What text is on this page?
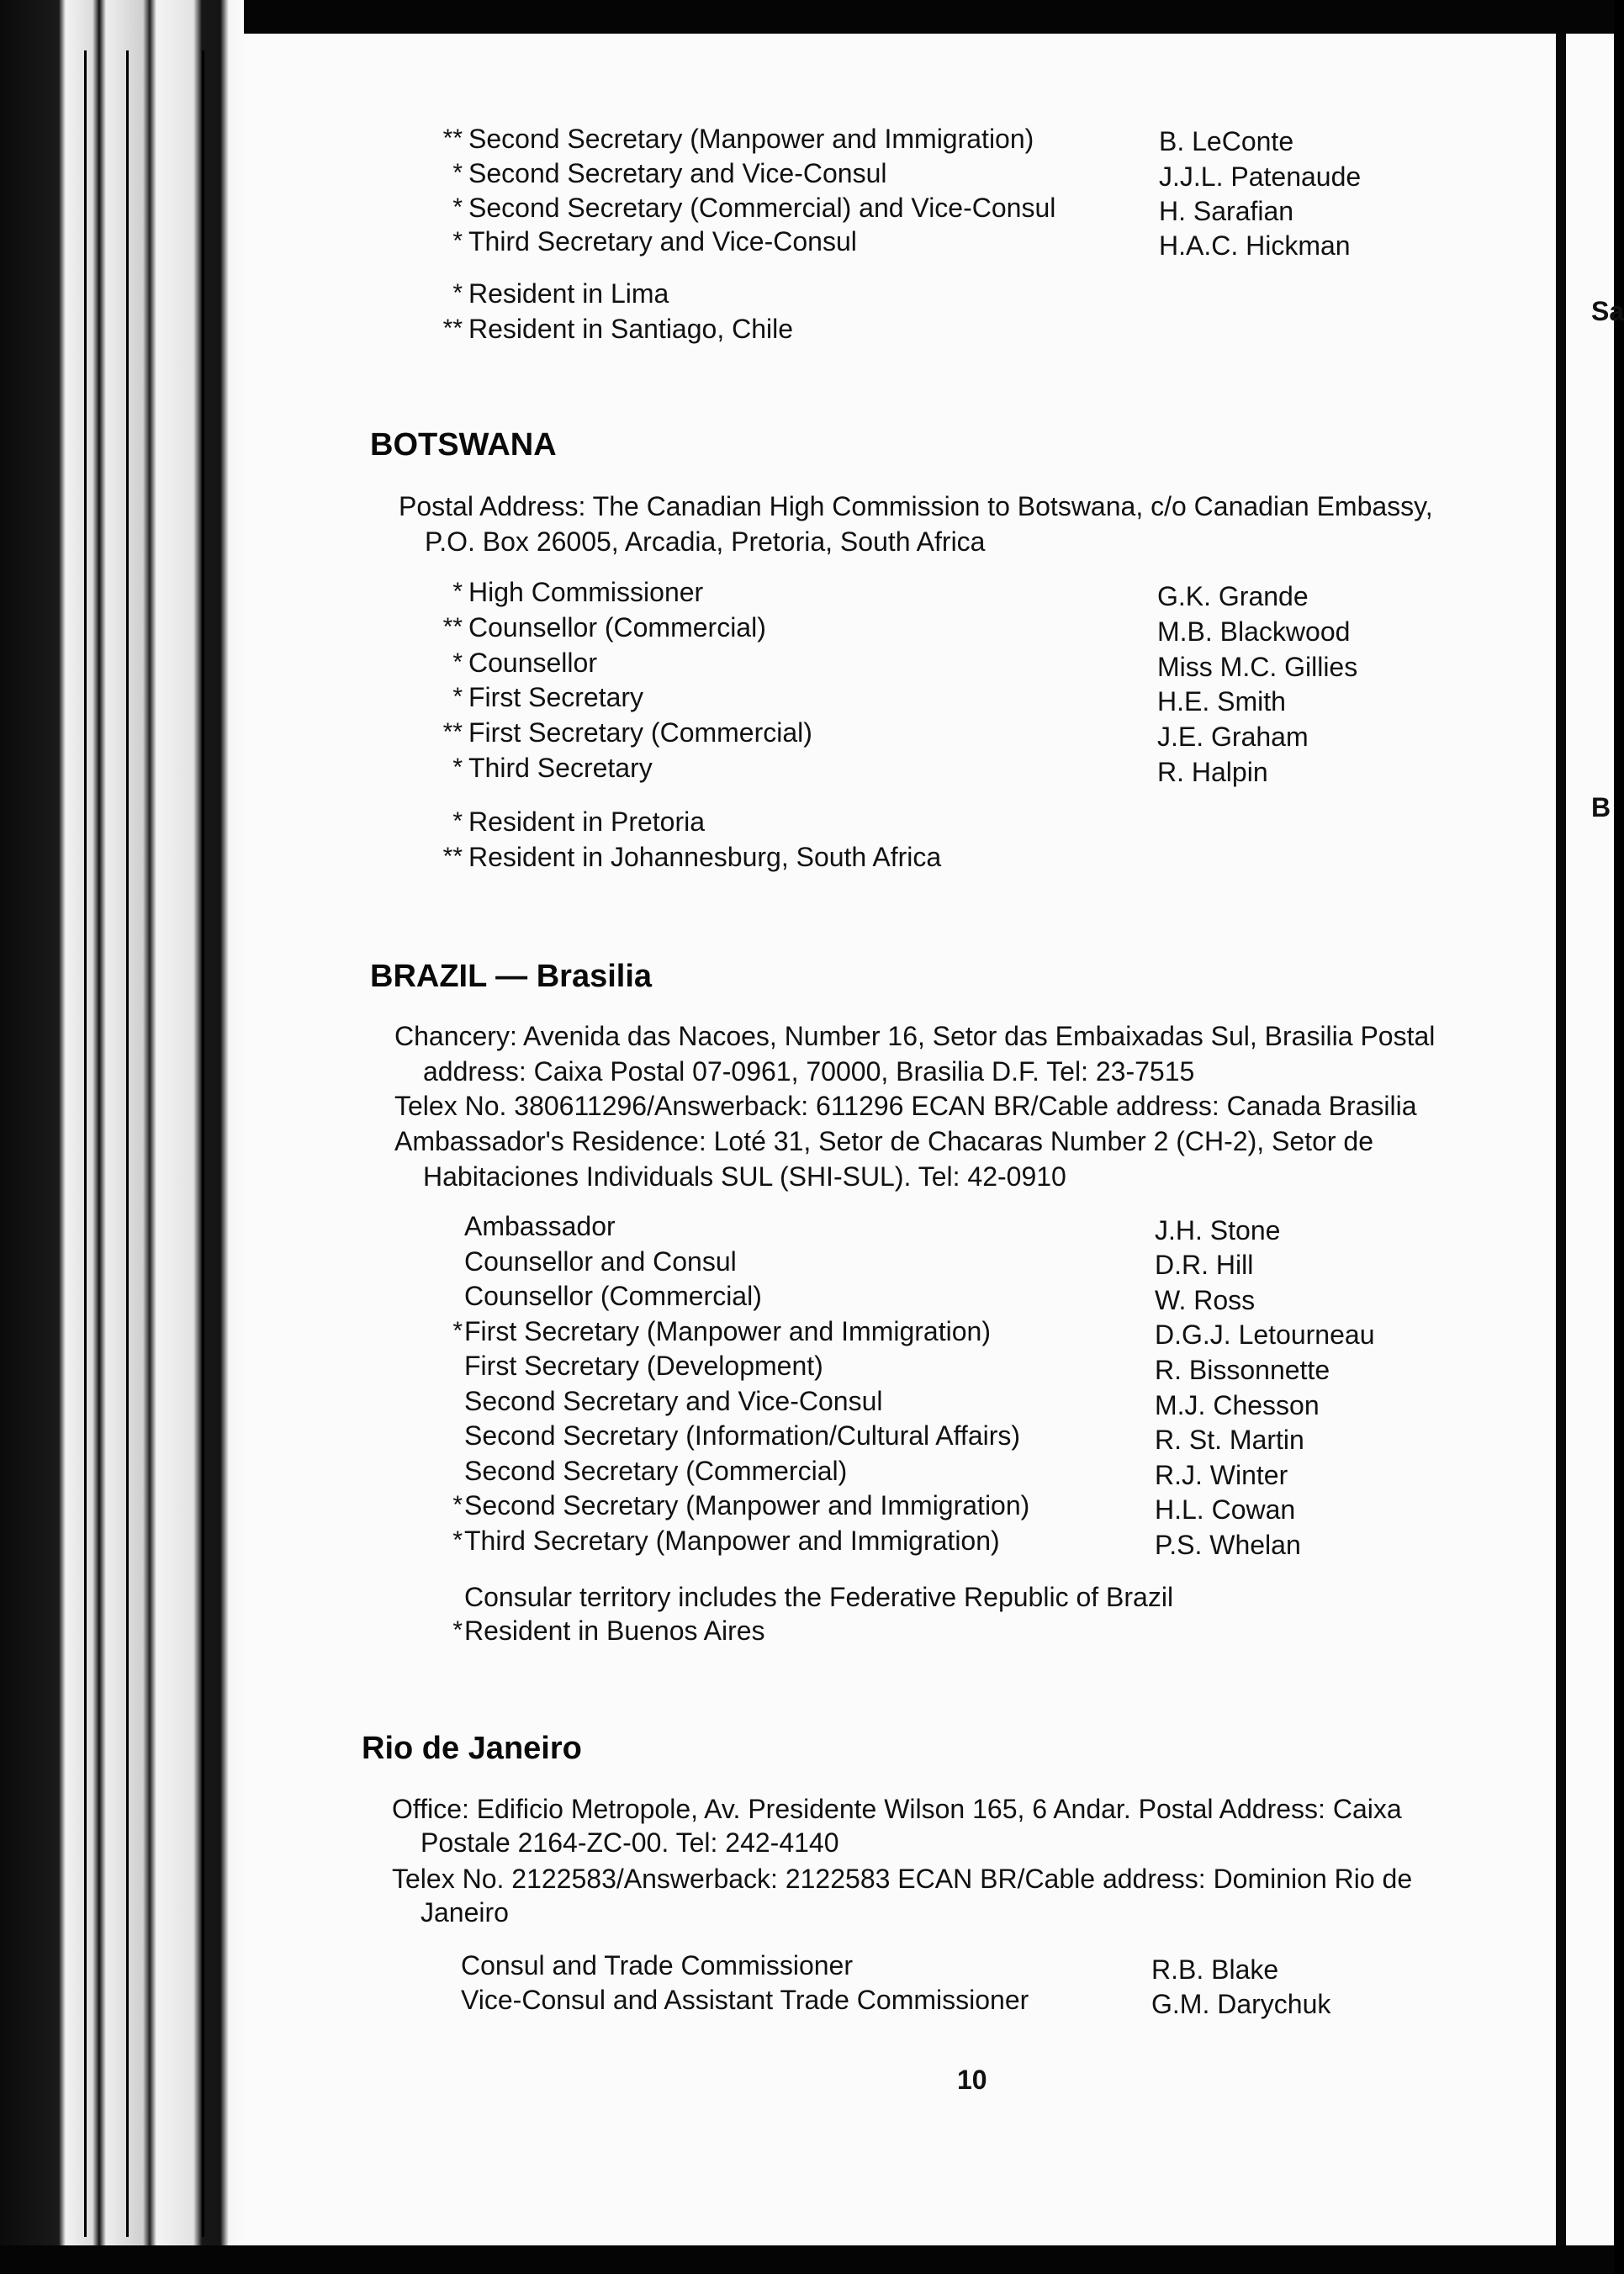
Sa
B
** Second Secretary (Manpower and Immigration)	B. LeConte
* Second Secretary and Vice-Consul	J.J.L. Patenaude
* Second Secretary (Commercial) and Vice-Consul	H. Sarafian
* Third Secretary and Vice-Consul	H.A.C. Hickman
* Resident in Lima
** Resident in Santiago, Chile
BOTSWANA
Postal Address: The Canadian High Commission to Botswana, c/o Canadian Embassy,
P.O. Box 26005, Arcadia, Pretoria, South Africa
* High Commissioner	G.K. Grande
** Counsellor (Commercial)	M.B. Blackwood
* Counsellor	Miss M.C. Gillies
* First Secretary	H.E. Smith
** First Secretary (Commercial)	J.E. Graham
* Third Secretary	R. Halpin
* Resident in Pretoria
** Resident in Johannesburg, South Africa
BRAZIL — Brasilia
Chancery: Avenida das Nacoes, Number 16, Setor das Embaixadas Sul, Brasilia Postal
address: Caixa Postal 07-0961, 70000, Brasilia D.F. Tel: 23-7515
Telex No. 380611296/Answerback: 611296 ECAN BR/Cable address: Canada Brasilia
Ambassador's Residence: Loté 31, Setor de Chacaras Number 2 (CH-2), Setor de
Habitaciones Individuals SUL (SHI-SUL). Tel: 42-0910
Ambassador	J.H. Stone
Counsellor and Consul	D.R. Hill
Counsellor (Commercial)	W. Ross
* First Secretary (Manpower and Immigration)	D.G.J. Letourneau
First Secretary (Development)	R. Bissonnette
Second Secretary and Vice-Consul	M.J. Chesson
Second Secretary (Information/Cultural Affairs)	R. St. Martin
Second Secretary (Commercial)	R.J. Winter
* Second Secretary (Manpower and Immigration)	H.L. Cowan
* Third Secretary (Manpower and Immigration)	P.S. Whelan
Consular territory includes the Federative Republic of Brazil
* Resident in Buenos Aires
Rio de Janeiro
Office: Edificio Metropole, Av. Presidente Wilson 165, 6 Andar. Postal Address: Caixa
Postale 2164-ZC-00. Tel: 242-4140
Telex No. 2122583/Answerback: 2122583 ECAN BR/Cable address: Dominion Rio de
Janeiro
Consul and Trade Commissioner	R.B. Blake
Vice-Consul and Assistant Trade Commissioner	G.M. Darychuk
10
